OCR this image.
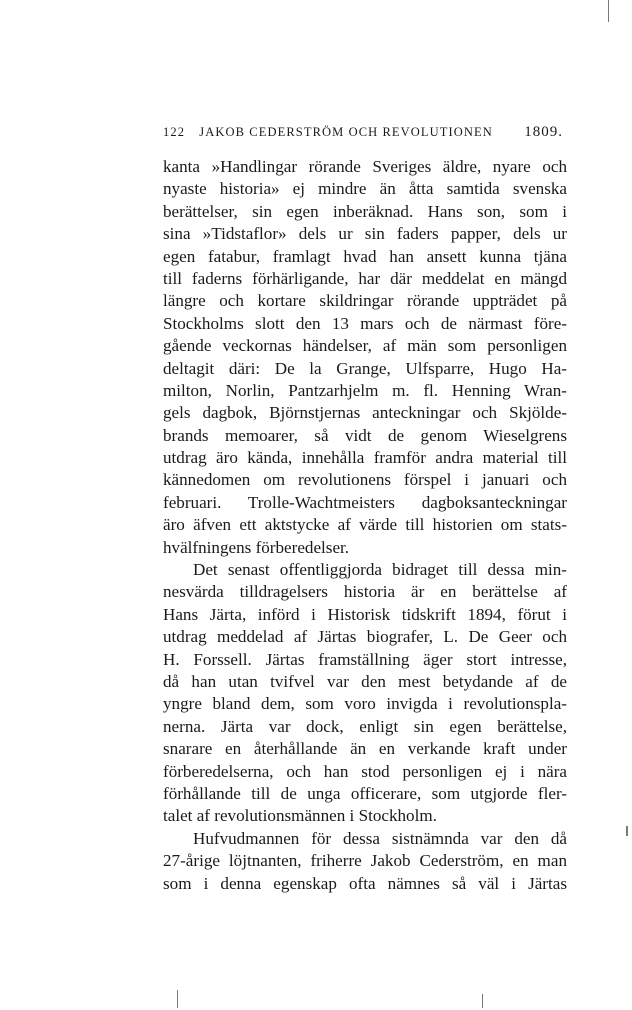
122 JAKOB CEDERSTRÖM OCH REVOLUTIONEN 1809.
kanta »Handlingar rörande Sveriges äldre, nyare och
nyaste historia» ej mindre än åtta samtida svenska
berättelser, sin egen inberäknad. Hans son, som i
sina »Tidstaflor» dels ur sin faders papper, dels ur
egen fatabur, framlagt hvad han ansett kunna tjäna
till faderns förhärligande, har där meddelat en mängd
längre och kortare skildringar rörande uppträdet på
Stockholms slott den 13 mars och de närmast före-
gående veckornas händelser, af män som personligen
deltagit däri: De la Grange, Ulfsparre, Hugo Ha-
milton, Norlin, Pantzarhjelm m. fl. Henning Wran-
gels dagbok, Björnstjernas anteckningar och Skjölde-
brands memoarer, så vidt de genom Wieselgrens
utdrag äro kända, innehålla framför andra material till
kännedomen om revolutionens förspel i januari och
februari. Trolle-Wachtmeisters dagboksanteckningar
äro äfven ett aktstycke af värde till historien om stats-
hvälfningens förberedelser.
Det senast offentliggjorda bidraget till dessa min-
nesvärda tilldragelsers historia är en berättelse af
Hans Järta, införd i Historisk tidskrift 1894, förut i
utdrag meddelad af Järtas biografer, L. De Geer och
H. Forssell. Järtas framställning äger stort intresse,
då han utan tvifvel var den mest betydande af de
yngre bland dem, som voro invigda i revolutionspla-
nerna. Järta var dock, enligt sin egen berättelse,
snarare en återhållande än en verkande kraft under
förberedelserna, och han stod personligen ej i nära
förhållande till de unga officerare, som utgjorde fler-
talet af revolutionsmännen i Stockholm.
Hufvudmannen för dessa sistnämnda var den då
27-årige löjtnanten, friherre Jakob Cederström, en man
som i denna egenskap ofta nämnes så väl i Järtas
